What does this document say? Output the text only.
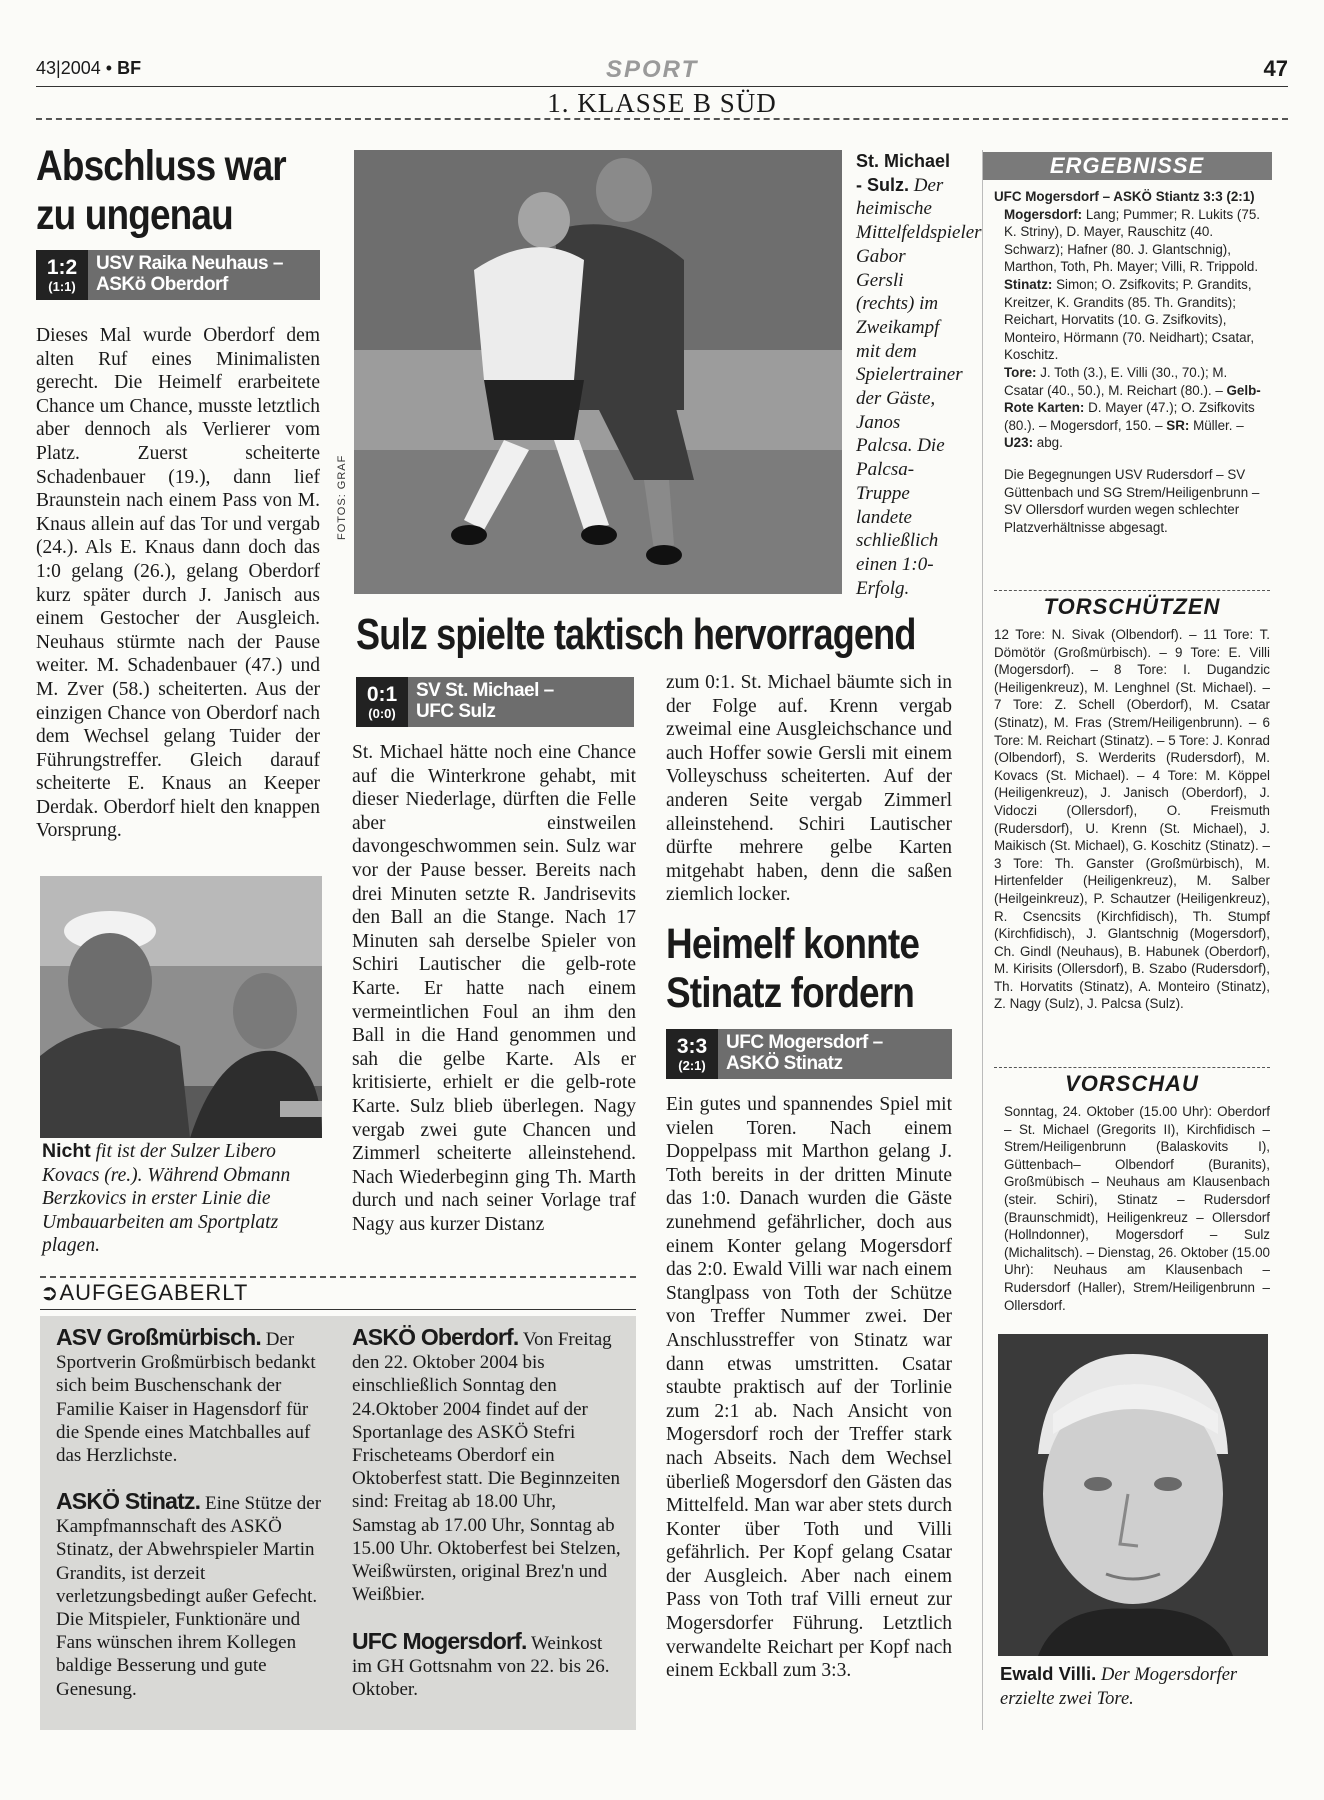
43|2004 • BF	SPORT	47
1. KLASSE B SÜD
Abschluss war
zu ungenau
1:2
(1:1)
USV Raika Neuhaus –
ASKö Oberdorf
Dieses Mal wurde Oberdorf dem alten Ruf eines Minimalisten gerecht. Die Heimelf erarbeitete Chance um Chance, musste letztlich aber dennoch als Verlierer vom Platz. Zuerst scheiterte Schadenbauer (19.), dann lief Braunstein nach einem Pass von M. Knaus allein auf das Tor und vergab (24.). Als E. Knaus dann doch das 1:0 gelang (26.), gelang Oberdorf kurz später durch J. Janisch aus einem Gestocher der Ausgleich. Neuhaus stürmte nach der Pause weiter. M. Schadenbauer (47.) und M. Zver (58.) scheiterten. Aus der einzigen Chance von Oberdorf nach dem Wechsel gelang Tuider der Führungstreffer. Gleich darauf scheiterte E. Knaus an Keeper Derdak. Oberdorf hielt den knappen Vorsprung.
Nicht fit ist der Sulzer Libero Kovacs (re.). Während Obmann Berzkovics in erster Linie die Umbauarbeiten am Sportplatz plagen.
FOTOS: GRAF
St. Michael - Sulz. Der heimische Mittelfeldspieler Gabor Gersli (rechts) im Zweikampf mit dem Spielertrainer der Gäste, Janos Palcsa. Die Palcsa-Truppe landete schließlich einen 1:0-Erfolg.
Sulz spielte taktisch hervorragend
0:1
(0:0)
SV St. Michael –
UFC Sulz
St. Michael hätte noch eine Chance auf die Winterkrone gehabt, mit dieser Niederlage, dürften die Felle aber einstweilen davongeschwommen sein. Sulz war vor der Pause besser. Bereits nach drei Minuten setzte R. Jandrisevits den Ball an die Stange. Nach 17 Minuten sah derselbe Spieler von Schiri Lautischer die gelb-rote Karte. Er hatte nach einem vermeintlichen Foul an ihm den Ball in die Hand genommen und sah die gelbe Karte. Als er kritisierte, erhielt er die gelb-rote Karte. Sulz blieb überlegen. Nagy vergab zwei gute Chancen und Zimmerl scheiterte alleinstehend. Nach Wiederbeginn ging Th. Marth durch und nach seiner Vorlage traf Nagy aus kurzer Distanz
zum 0:1. St. Michael bäumte sich in der Folge auf. Krenn vergab zweimal eine Ausgleichschance und auch Hoffer sowie Gersli mit einem Volleyschuss scheiterten. Auf der anderen Seite vergab Zimmerl alleinstehend. Schiri Lautischer dürfte mehrere gelbe Karten mitgehabt haben, denn die saßen ziemlich locker.
Heimelf konnte
Stinatz fordern
3:3
(2:1)
UFC Mogersdorf –
ASKÖ Stinatz
Ein gutes und spannendes Spiel mit vielen Toren. Nach einem Doppelpass mit Marthon gelang J. Toth bereits in der dritten Minute das 1:0. Danach wurden die Gäste zunehmend gefährlicher, doch aus einem Konter gelang Mogersdorf das 2:0. Ewald Villi war nach einem Stanglpass von Toth der Schütze von Treffer Nummer zwei. Der Anschlusstreffer von Stinatz war dann etwas umstritten. Csatar staubte praktisch auf der Torlinie zum 2:1 ab. Nach Ansicht von Mogersdorf roch der Treffer stark nach Abseits. Nach dem Wechsel überließ Mogersdorf den Gästen das Mittelfeld. Man war aber stets durch Konter über Toth und Villi gefährlich. Per Kopf gelang Csatar der Ausgleich. Aber nach einem Pass von Toth traf Villi erneut zur Mogersdorfer Führung. Letztlich verwandelte Reichart per Kopf nach einem Eckball zum 3:3.
➲AUFGEGABERLT
ASV Großmürbisch. Der Sportverin Großmürbisch bedankt sich beim Buschenschank der Familie Kaiser in Hagensdorf für die Spende eines Matchballes auf das Herzlichste.
ASKÖ Stinatz. Eine Stütze der Kampfmannschaft des ASKÖ Stinatz, der Abwehrspieler Martin Grandits, ist derzeit verletzungsbedingt außer Gefecht. Die Mitspieler, Funktionäre und Fans wünschen ihrem Kollegen baldige Besserung und gute Genesung.
ASKÖ Oberdorf. Von Freitag den 22. Oktober 2004 bis einschließlich Sonntag den 24.Oktober 2004 findet auf der Sportanlage des ASKÖ Stefri Frischeteams Oberdorf ein Oktoberfest statt. Die Beginnzeiten sind: Freitag ab 18.00 Uhr, Samstag ab 17.00 Uhr, Sonntag ab 15.00 Uhr. Oktoberfest bei Stelzen, Weißwürsten, original Brez'n und Weißbier.
UFC Mogersdorf. Weinkost im GH Gottsnahm von 22. bis 26. Oktober.
ERGEBNISSE
UFC Mogersdorf – ASKÖ Stiantz 3:3 (2:1)
Mogersdorf: Lang; Pummer; R. Lukits (75. K. Striny), D. Mayer, Rauschitz (40. Schwarz); Hafner (80. J. Glantschnig), Marthon, Toth, Ph. Mayer; Villi, R. Trippold.
Stinatz: Simon; O. Zsifkovits; P. Grandits, Kreitzer, K. Grandits (85. Th. Grandits); Reichart, Horvatits (10. G. Zsifkovits), Monteiro, Hörmann (70. Neidhart); Csatar, Koschitz.
Tore: J. Toth (3.), E. Villi (30., 70.); M. Csatar (40., 50.), M. Reichart (80.). – Gelb-Rote Karten: D. Mayer (47.); O. Zsifkovits (80.). – Mogersdorf, 150. – SR: Müller. – U23: abg.
Die Begegnungen USV Rudersdorf – SV Güttenbach und SG Strem/Heiligenbrunn – SV Ollersdorf wurden wegen schlechter Platzverhältnisse abgesagt.
TORSCHÜTZEN
12 Tore: N. Sivak (Olbendorf). – 11 Tore: T. Dömötör (Großmürbisch). – 9 Tore: E. Villi (Mogersdorf). – 8 Tore: I. Dugandzic (Heiligenkreuz), M. Lenghnel (St. Michael). – 7 Tore: Z. Schell (Oberdorf), M. Csatar (Stinatz), M. Fras (Strem/Heiligenbrunn). – 6 Tore: M. Reichart (Stinatz). – 5 Tore: J. Konrad (Olbendorf), S. Werderits (Rudersdorf), M. Kovacs (St. Michael). – 4 Tore: M. Köppel (Heiligenkreuz), J. Janisch (Oberdorf), J. Vidoczi (Ollersdorf), O. Freismuth (Rudersdorf), U. Krenn (St. Michael), J. Maikisch (St. Michael), G. Koschitz (Stinatz). – 3 Tore: Th. Ganster (Großmürbisch), M. Hirtenfelder (Heiligenkreuz), M. Salber (Heilgeinkreuz), P. Schautzer (Heiligenkreuz), R. Csencsits (Kirchfidisch), Th. Stumpf (Kirchfidisch), J. Glantschnig (Mogersdorf), Ch. Gindl (Neuhaus), B. Habunek (Oberdorf), M. Kirisits (Ollersdorf), B. Szabo (Rudersdorf), Th. Horvatits (Stinatz), A. Monteiro (Stinatz), Z. Nagy (Sulz), J. Palcsa (Sulz).
VORSCHAU
Sonntag, 24. Oktober (15.00 Uhr): Oberdorf – St. Michael (Gregorits II), Kirchfidisch – Strem/Heiligenbrunn (Balaskovits I), Güttenbach– Olbendorf (Buranits), Großmübisch – Neuhaus am Klausenbach (steir. Schiri), Stinatz – Rudersdorf (Braunschmidt), Heiligenkreuz – Ollersdorf (Hollndonner), Mogersdorf – Sulz (Michalitsch). – Dienstag, 26. Oktober (15.00 Uhr): Neuhaus am Klausenbach – Rudersdorf (Haller), Strem/Heiligenbrunn – Ollersdorf.
Ewald Villi. Der Mogersdorfer erzielte zwei Tore.
